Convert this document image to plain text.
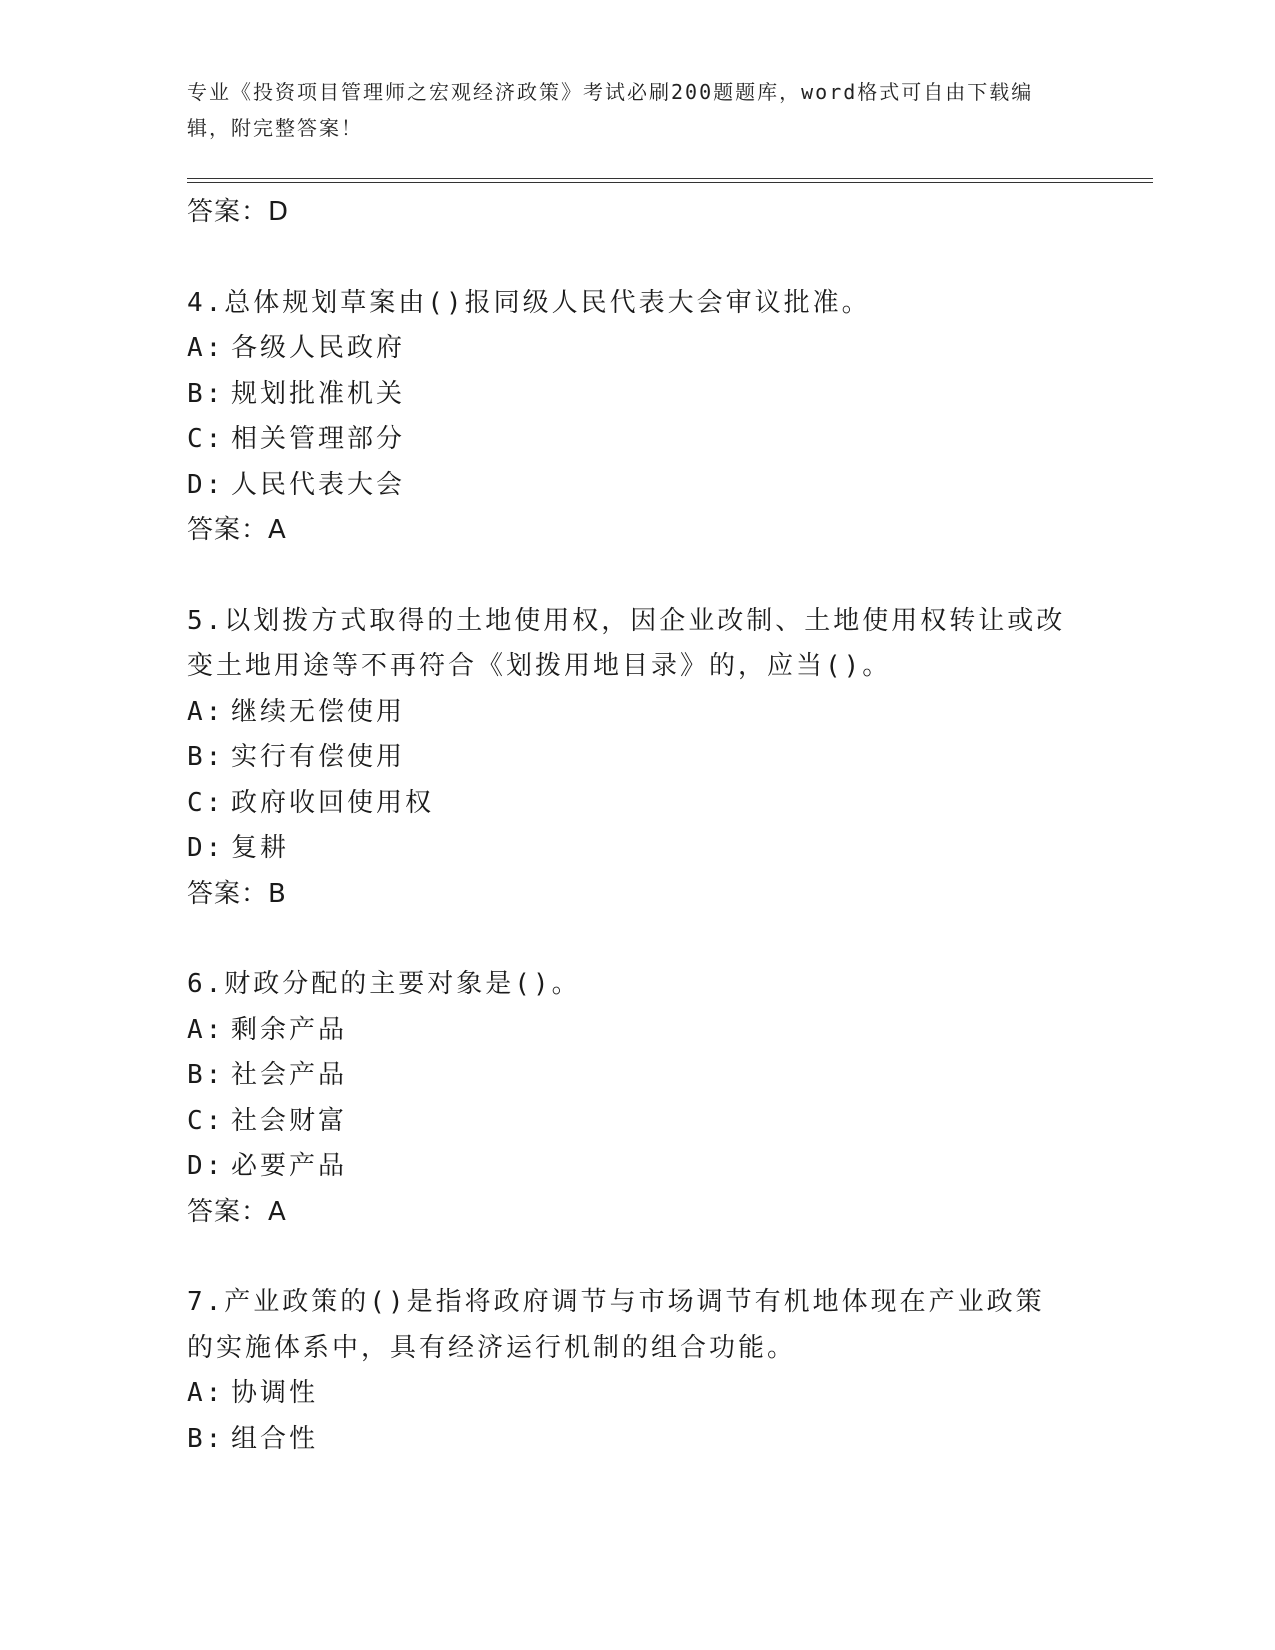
专业《投资项目管理师之宏观经济政策》考试必刷200题题库，word格式可自由下载编辑，附完整答案！
答案：D
4.总体规划草案由()报同级人民代表大会审议批准。
A: 各级人民政府
B: 规划批准机关
C: 相关管理部分
D: 人民代表大会
答案：A
5.以划拨方式取得的土地使用权，因企业改制、土地使用权转让或改变土地用途等不再符合《划拨用地目录》的，应当()。
A: 继续无偿使用
B: 实行有偿使用
C: 政府收回使用权
D: 复耕
答案：B
6.财政分配的主要对象是()。
A: 剩余产品
B: 社会产品
C: 社会财富
D: 必要产品
答案：A
7.产业政策的()是指将政府调节与市场调节有机地体现在产业政策的实施体系中，具有经济运行机制的组合功能。
A: 协调性
B: 组合性
